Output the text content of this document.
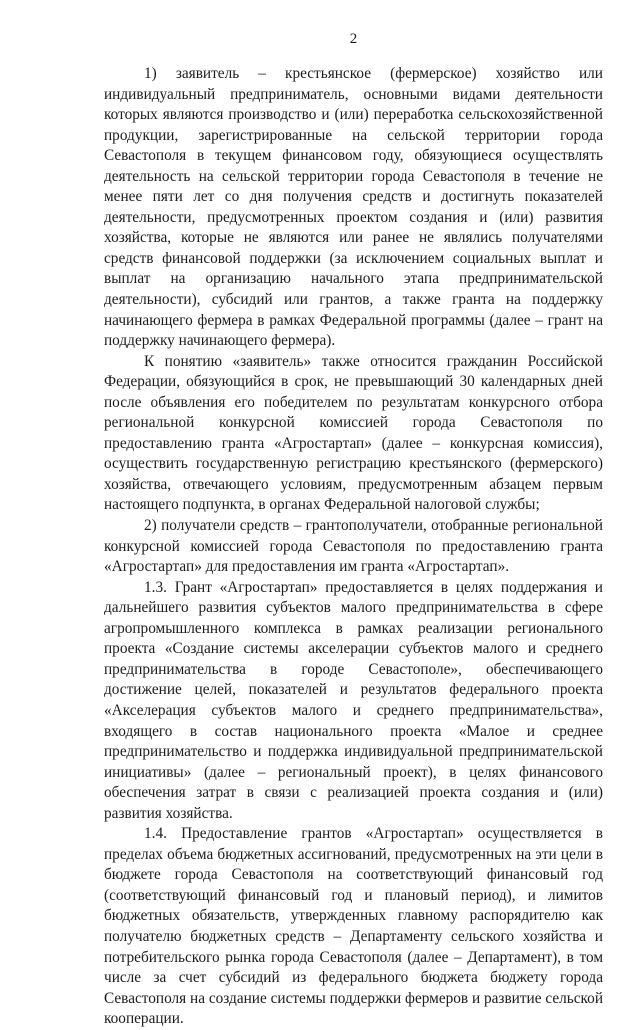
2

1) заявитель – крестьянское (фермерское) хозяйство или индивидуальный предприниматель, основными видами деятельности которых являются производство и (или) переработка сельскохозяйственной продукции, зарегистрированные на сельской территории города Севастополя в текущем финансовом году, обязующиеся осуществлять деятельность на сельской территории города Севастополя в течение не менее пяти лет со дня получения средств и достигнуть показателей деятельности, предусмотренных проектом создания и (или) развития хозяйства, которые не являются или ранее не являлись получателями средств финансовой поддержки (за исключением социальных выплат и выплат на организацию начального этапа предпринимательской деятельности), субсидий или грантов, а также гранта на поддержку начинающего фермера в рамках Федеральной программы (далее – грант на поддержку начинающего фермера).

К понятию «заявитель» также относится гражданин Российской Федерации, обязующийся в срок, не превышающий 30 календарных дней после объявления его победителем по результатам конкурсного отбора региональной конкурсной комиссией города Севастополя по предоставлению гранта «Агростартап» (далее – конкурсная комиссия), осуществить государственную регистрацию крестьянского (фермерского) хозяйства, отвечающего условиям, предусмотренным абзацем первым настоящего подпункта, в органах Федеральной налоговой службы;

2) получатели средств – грантополучатели, отобранные региональной конкурсной комиссией города Севастополя по предоставлению гранта «Агростартап» для предоставления им гранта «Агростартап».

1.3. Грант «Агростартап» предоставляется в целях поддержания и дальнейшего развития субъектов малого предпринимательства в сфере агропромышленного комплекса в рамках реализации регионального проекта «Создание системы акселерации субъектов малого и среднего предпринимательства в городе Севастополе», обеспечивающего достижение целей, показателей и результатов федерального проекта «Акселерация субъектов малого и среднего предпринимательства», входящего в состав национального проекта «Малое и среднее предпринимательство и поддержка индивидуальной предпринимательской инициативы» (далее – региональный проект), в целях финансового обеспечения затрат в связи с реализацией проекта создания и (или) развития хозяйства.

1.4. Предоставление грантов «Агростартап» осуществляется в пределах объема бюджетных ассигнований, предусмотренных на эти цели в бюджете города Севастополя на соответствующий финансовый год (соответствующий финансовый год и плановый период), и лимитов бюджетных обязательств, утвержденных главному распорядителю как получателю бюджетных средств – Департаменту сельского хозяйства и потребительского рынка города Севастополя (далее – Департамент), в том числе за счет субсидий из федерального бюджета бюджету города Севастополя на создание системы поддержки фермеров и развитие сельской кооперации.
